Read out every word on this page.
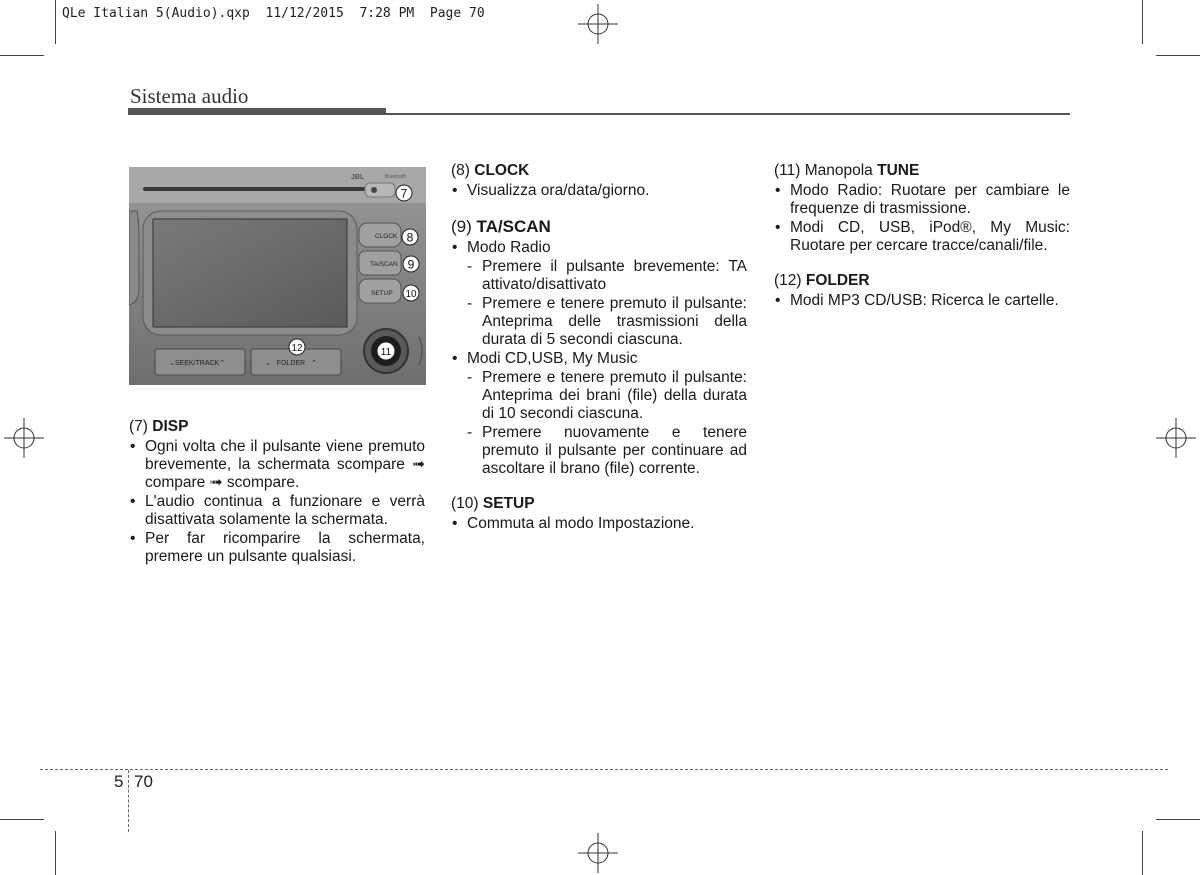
QLe Italian 5(Audio).qxp 11/12/2015 7:28 PM Page 70
Sistema audio
JBL	Bluetooth
CLOCK
TA/SCAN
SETUP
⌄SEEK/TRACK⌃	⌄   FOLDER   ⌃
7
8
9
10
11
12

(7) DISP

• Ogni volta che il pulsante viene premuto brevemente, la schermata scompare ➟ compare ➟ scompare.
• L'audio continua a funzionare e verrà disattivata solamente la schermata.
• Per far ricomparire la schermata, premere un pulsante qualsiasi.

(8) CLOCK

• Visualizza ora/data/giorno.

(9) TA/SCAN

• Modo Radio
- Premere il pulsante brevemente: TA attivato/disattivato
- Premere e tenere premuto il pulsante: Anteprima delle trasmissioni della durata di 5 secondi ciascuna.
• Modi CD,USB, My Music
- Premere e tenere premuto il pulsante: Anteprima dei brani (file) della durata di 10 secondi ciascuna.
- Premere nuovamente e tenere premuto il pulsante per continuare ad ascoltare il brano (file) corrente.

(10) SETUP

• Commuta al modo Impostazione.

(11) Manopola TUNE

• Modo Radio: Ruotare per cambiare le frequenze di trasmissione.
• Modi CD, USB, iPod®, My Music: Ruotare per cercare tracce/canali/file.

(12) FOLDER

• Modi MP3 CD/USB: Ricerca le cartelle.
5 70
